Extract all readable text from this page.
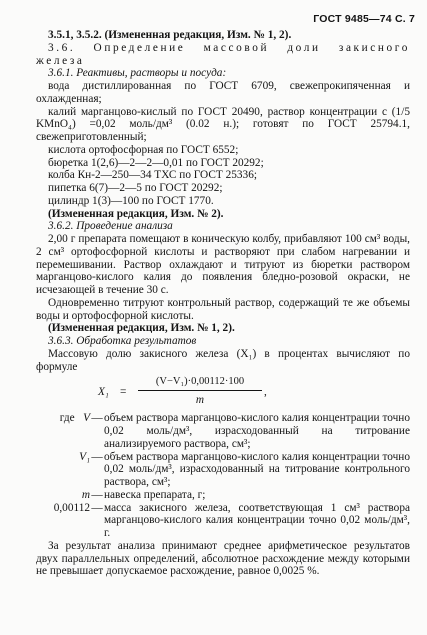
ГОСТ 9485—74 С. 7

3.5.1, 3.5.2. (Измененная редакция, Изм. № 1, 2).

3.6. Определение массовой доли закисного железа

3.6.1. Реактивы, растворы и посуда:

вода дистиллированная по ГОСТ 6709, свежепрокипяченная и охлажденная;

калий марганцово-кислый по ГОСТ 20490, раствор концентрации c (1/5 KMnO₄) =0,02 моль/дм³ (0.02 н.); готовят по ГОСТ 25794.1, свежеприготовленный;

кислота ортофосфорная по ГОСТ 6552;

бюретка 1(2,6)—2—2—0,01 по ГОСТ 20292;

колба Кн-2—250—34 ТХС по ГОСТ 25336;

пипетка 6(7)—2—5 по ГОСТ 20292;

цилиндр 1(3)—100 по ГОСТ 1770.

(Измененная редакция, Изм. № 2).

3.6.2. Проведение анализа

2,00 г препарата помещают в коническую колбу, прибавляют 100 см³ воды, 2 см³ ортофосфорной кислоты и растворяют при слабом нагревании и перемешивании. Раствор охлаждают и титруют из бюретки раствором марганцово-кислого калия до появления бледно-розовой окраски, не исчезающей в течение 30 с.

Одновременно титруют контрольный раствор, содержащий те же объемы воды и ортофосфорной кислоты.

(Измененная редакция, Изм. № 1, 2).

3.6.3. Обработка результатов

Массовую долю закисного железа (X₁) в процентах вычисляют по формуле

X₁ =
(V−V₁)·0,00112·100
m
,
где V — объем раствора марганцово-кислого калия концентрации точно 0,02 моль/дм³, израсходованный на титрование анализируемого раствора, см³;
V₁ — объем раствора марганцово-кислого калия концентрации точно 0,02 моль/дм³, израсходованный на титрование контрольного раствора, см³;
m — навеска препарата, г;
0,00112 — масса закисного железа, соответствующая 1 см³ раствора марганцово-кислого калия концентрации точно 0,02 моль/дм³, г.

За результат анализа принимают среднее арифметическое результатов двух параллельных определений, абсолютное расхождение между которыми не превышает допускаемое расхождение, равное 0,0025 %.
